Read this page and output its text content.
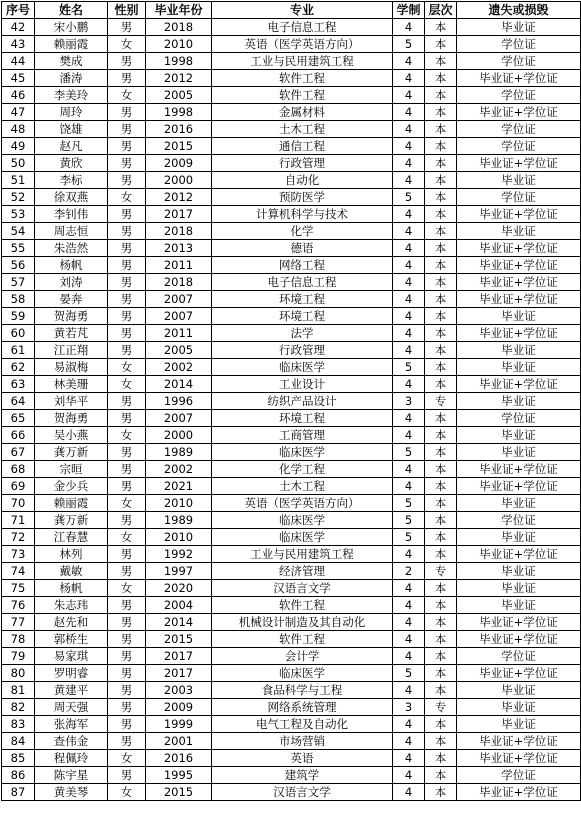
序号	姓名	性别	毕业年份	专业	学制	层次	遗失或损毁
42	宋小鹏	男	2018	电子信息工程	4	本	毕业证
43	赖丽霞	女	2010	英语（医学英语方向）	5	本	学位证
44	樊成	男	1998	工业与民用建筑工程	4	本	学位证
45	潘涛	男	2012	软件工程	4	本	毕业证+学位证
46	李美玲	女	2005	软件工程	4	本	学位证
47	周玲	男	1998	金属材料	4	本	毕业证+学位证
48	饶雄	男	2016	土木工程	4	本	学位证
49	赵凡	男	2015	通信工程	4	本	学位证
50	黄欣	男	2009	行政管理	4	本	毕业证+学位证
51	李标	男	2000	自动化	4	本	毕业证
52	徐双燕	女	2012	预防医学	5	本	学位证
53	李钊伟	男	2017	计算机科学与技术	4	本	毕业证+学位证
54	周志恒	男	2018	化学	4	本	毕业证
55	朱浩然	男	2013	德语	4	本	毕业证+学位证
56	杨帆	男	2011	网络工程	4	本	毕业证+学位证
57	刘涛	男	2018	电子信息工程	4	本	毕业证+学位证
58	晏奔	男	2007	环境工程	4	本	毕业证+学位证
59	贺海勇	男	2007	环境工程	4	本	毕业证
60	黄若芃	男	2011	法学	4	本	毕业证+学位证
61	江正翔	男	2005	行政管理	4	本	毕业证
62	易淑梅	女	2002	临床医学	5	本	毕业证
63	林美珊	女	2014	工业设计	4	本	毕业证+学位证
64	刘华平	男	1996	纺织产品设计	3	专	毕业证
65	贺海勇	男	2007	环境工程	4	本	学位证
66	吴小燕	女	2000	工商管理	4	本	毕业证
67	龚万新	男	1989	临床医学	5	本	毕业证
68	宗晅	男	2002	化学工程	4	本	毕业证+学位证
69	金少兵	男	2021	土木工程	4	本	毕业证+学位证
70	赖丽霞	女	2010	英语（医学英语方向）	5	本	毕业证
71	龚万新	男	1989	临床医学	5	本	学位证
72	江春慧	女	2010	临床医学	5	本	毕业证
73	林列	男	1992	工业与民用建筑工程	4	本	毕业证+学位证
74	戴敏	男	1997	经济管理	2	专	毕业证
75	杨帆	女	2020	汉语言文学	4	本	毕业证
76	朱志玮	男	2004	软件工程	4	本	毕业证
77	赵先和	男	2014	机械设计制造及其自动化	4	本	毕业证+学位证
78	郭桥生	男	2015	软件工程	4	本	毕业证+学位证
79	易家琪	男	2017	会计学	4	本	学位证
80	罗明睿	男	2017	临床医学	5	本	毕业证+学位证
81	黄建平	男	2003	食品科学与工程	4	本	毕业证
82	周天强	男	2009	网络系统管理	3	专	毕业证
83	张海军	男	1999	电气工程及自动化	4	本	毕业证
84	查伟金	男	2001	市场营销	4	本	毕业证+学位证
85	程佩玲	女	2016	英语	4	本	毕业证+学位证
86	陈宇星	男	1995	建筑学	4	本	学位证
87	黄美琴	女	2015	汉语言文学	4	本	毕业证+学位证
